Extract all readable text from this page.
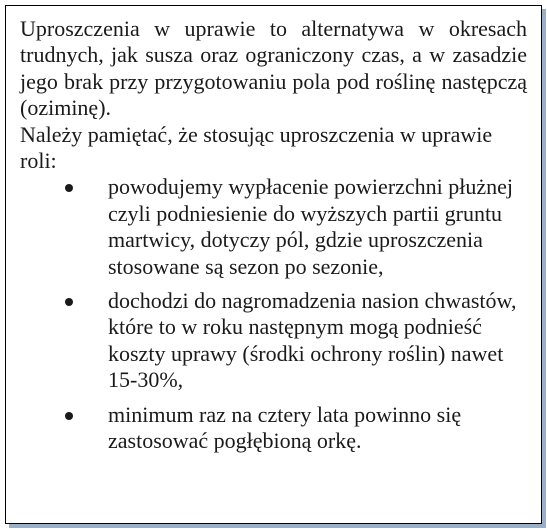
Uproszczenia w uprawie to alternatywa w okresach trudnych, jak susza oraz ograniczony czas, a w zasadzie jego brak przy przygotowaniu pola pod roślinę następczą (oziminę).

Należy pamiętać, że stosując uproszczenia w uprawie roli:

powodujemy wypłacenie powierzchni płużnej czyli podniesienie do wyższych partii gruntu martwicy, dotyczy pól, gdzie uproszczenia stosowane są sezon po sezonie,
dochodzi do nagromadzenia nasion chwastów, które to w roku następnym mogą podnieść koszty uprawy (środki ochrony roślin) nawet 15-30%,
minimum raz na cztery lata powinno się zastosować pogłębioną orkę.
